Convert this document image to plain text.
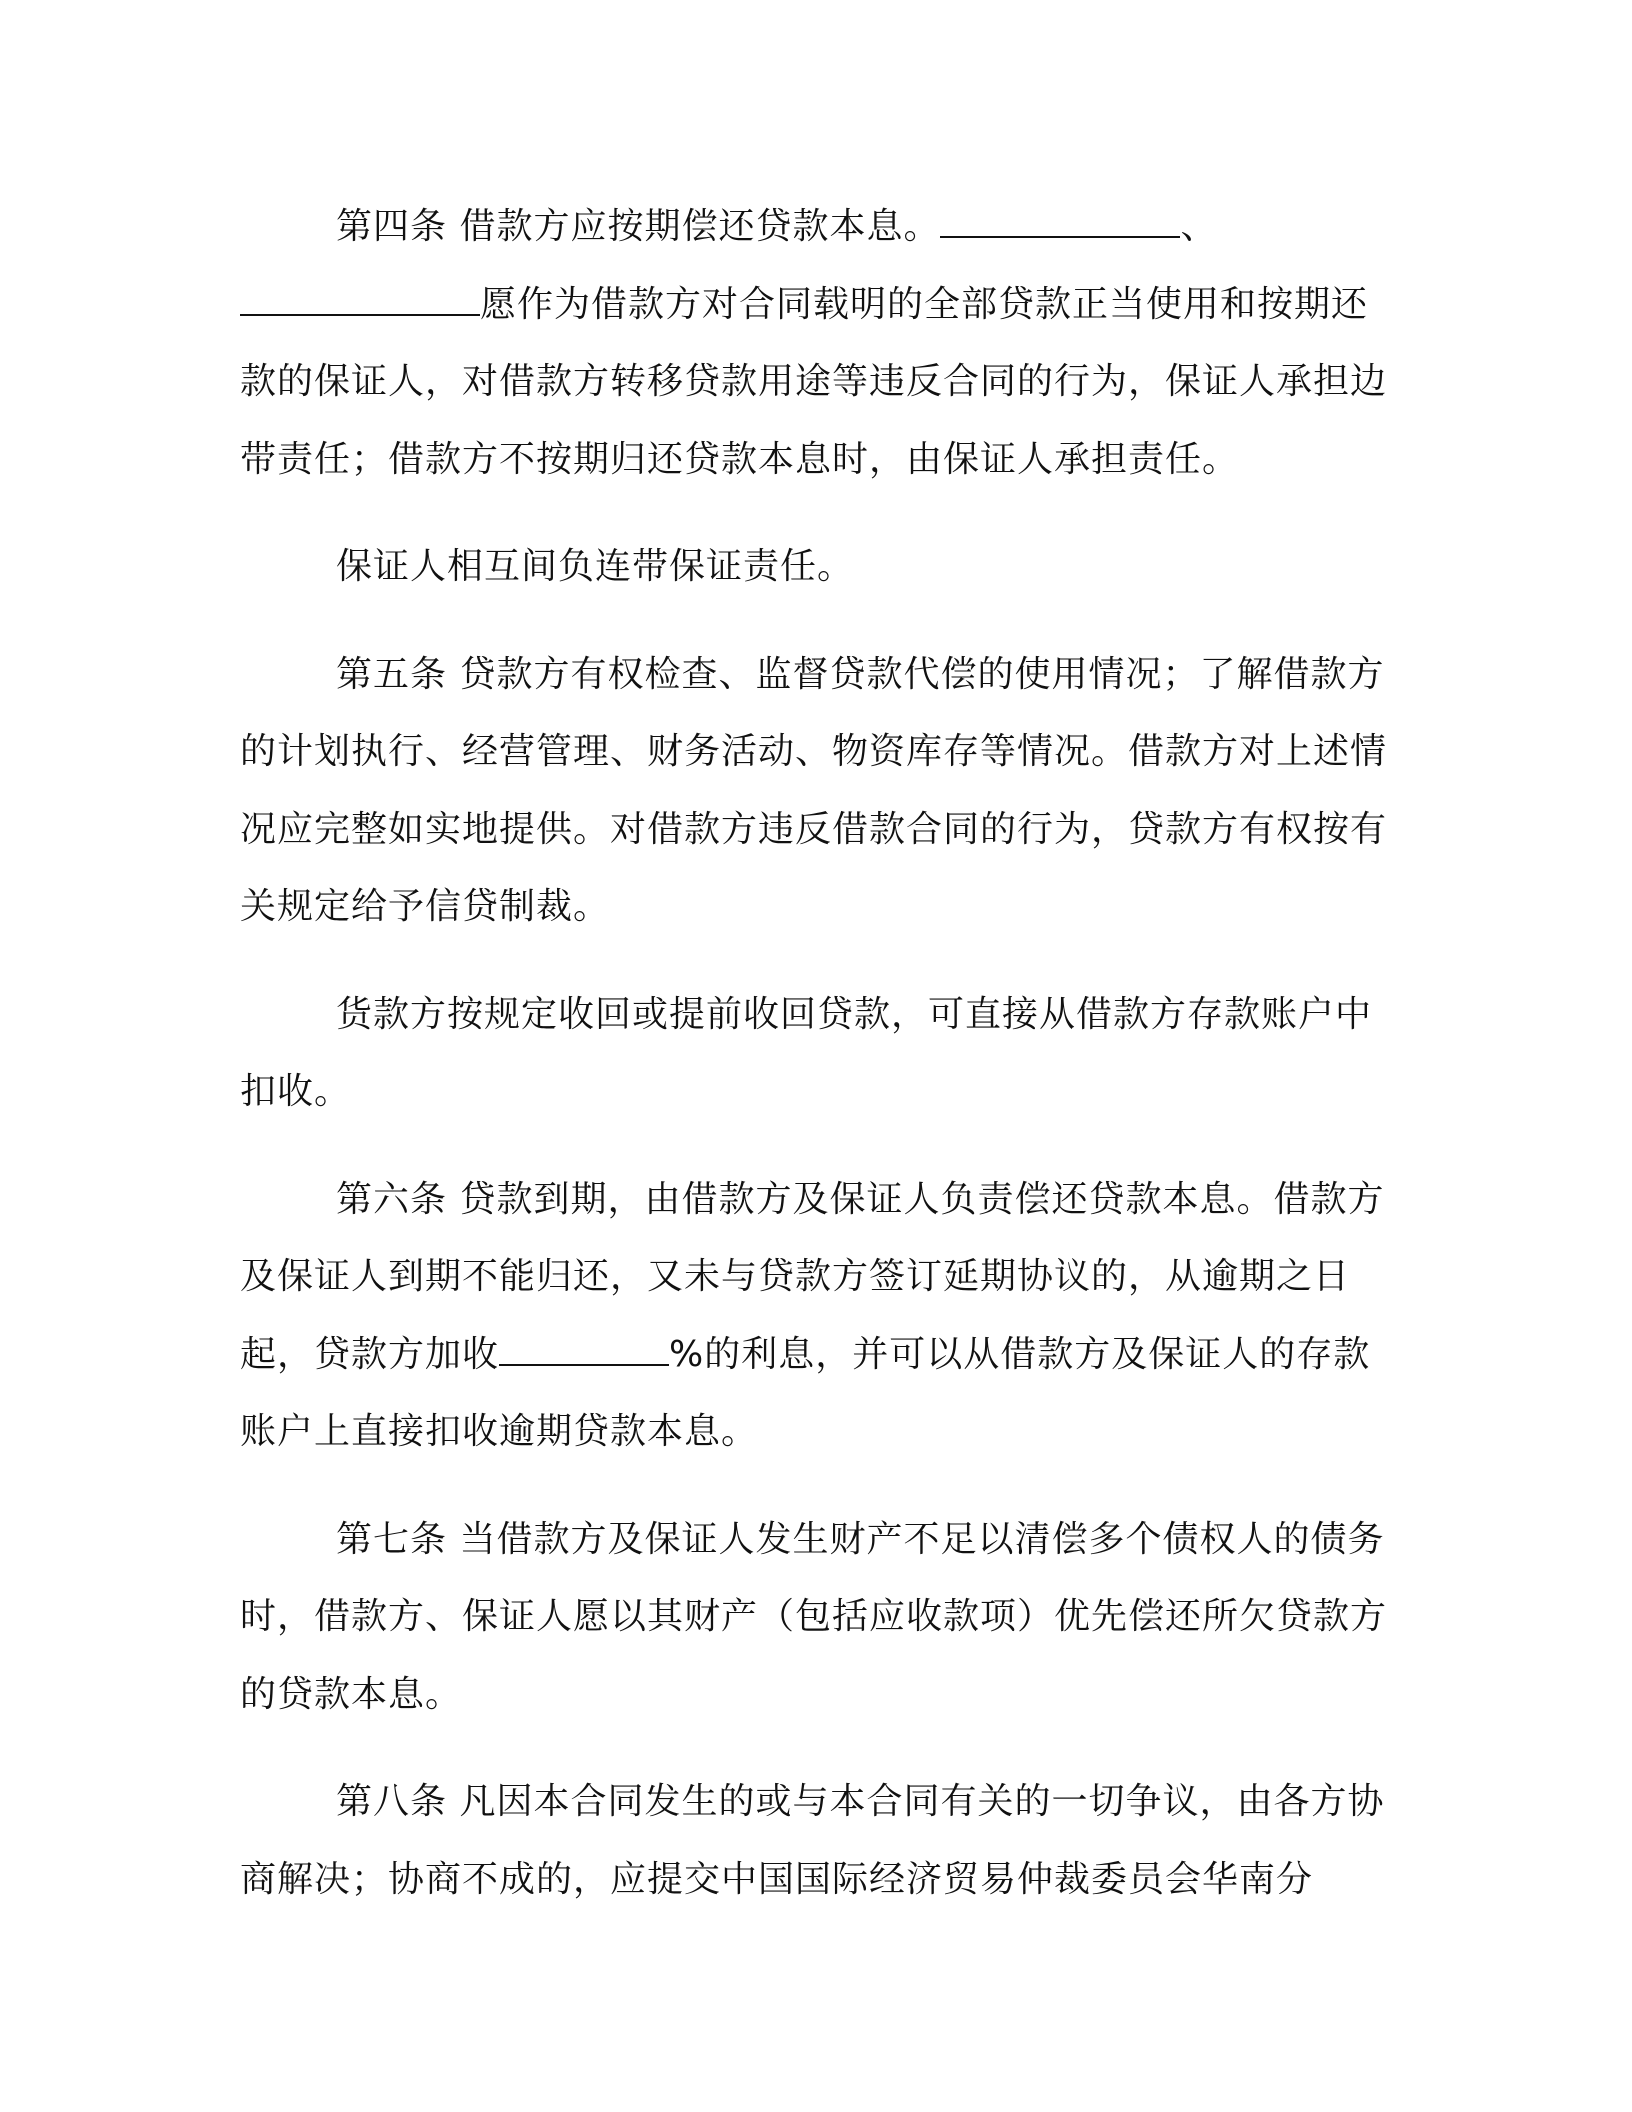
第四条 借款方应按期偿还贷款本息。	、愿作为借款方对合同载明的全部贷款正当使用和按期还款的保证人，对借款方转移贷款用途等违反合同的行为，保证人承担边带责任；借款方不按期归还贷款本息时，由保证人承担责任。

保证人相互间负连带保证责任。

第五条 贷款方有权检查、监督贷款代偿的使用情况；了解借款方的计划执行、经营管理、财务活动、物资库存等情况。借款方对上述情况应完整如实地提供。对借款方违反借款合同的行为，贷款方有权按有关规定给予信贷制裁。

货款方按规定收回或提前收回贷款，可直接从借款方存款账户中扣收。

第六条 贷款到期，由借款方及保证人负责偿还贷款本息。借款方及保证人到期不能归还，又未与贷款方签订延期协议的，从逾期之日起，贷款方加收	%的利息，并可以从借款方及保证人的存款账户上直接扣收逾期贷款本息。

第七条 当借款方及保证人发生财产不足以清偿多个债权人的债务时，借款方、保证人愿以其财产（包括应收款项）优先偿还所欠贷款方的贷款本息。

第八条 凡因本合同发生的或与本合同有关的一切争议，由各方协商解决；协商不成的，应提交中国国际经济贸易仲裁委员会华南分
